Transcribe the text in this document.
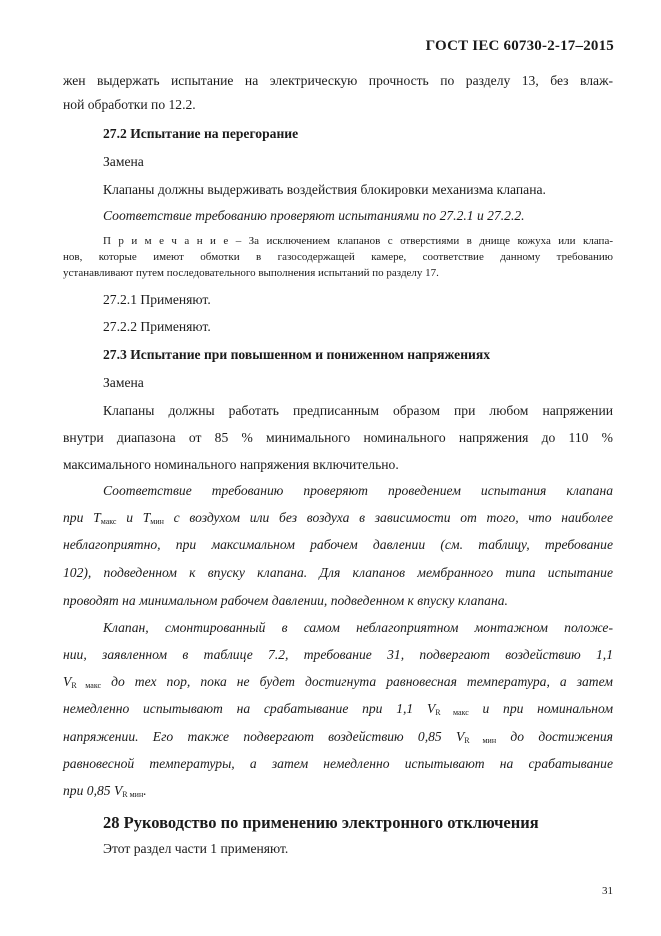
ГОСТ IEC 60730-2-17–2015
жен выдержать испытание на электрическую прочность по разделу 13, без влаж-
ной обработки по 12.2.
27.2 Испытание на перегорание
Замена
Клапаны должны выдерживать воздействия блокировки механизма клапана.
Соответствие требованию проверяют испытаниями по 27.2.1 и 27.2.2.
П р и м е ч а н и е – За исключением клапанов с отверстиями в днище кожуха или клапа-
нов, которые имеют обмотки в газосодержащей камере, соответствие данному требованию
устанавливают путем последовательного выполнения испытаний по разделу 17.
27.2.1 Применяют.
27.2.2 Применяют.
27.3 Испытание при повышенном и пониженном напряжениях
Замена
Клапаны должны работать предписанным образом при любом напряжении
внутри диапазона от 85 % минимального номинального напряжения до 110 %
максимального номинального напряжения включительно.
Соответствие требованию проверяют проведением испытания клапана
при $T_{макс}$ и $T_{мин}$ с воздухом или без воздуха в зависимости от того, что наиболее
неблагоприятно, при максимальном рабочем давлении (см. таблицу, требование
102), подведенном к впуску клапана. Для клапанов мембранного типа испытание
проводят на минимальном рабочем давлении, подведенном к впуску клапана.
Клапан, смонтированный в самом неблагоприятном монтажном положе-
нии, заявленном в таблице 7.2, требование 31, подвергают воздействию 1,1
$V_{R макс}$ до тех пор, пока не будет достигнута равновесная температура, а затем
немедленно испытывают на срабатывание при 1,1 $V_{R макс}$ и при номинальном
напряжении. Его также подвергают воздействию 0,85 $V_{R мин}$ до достижения
равновесной температуры, а затем немедленно испытывают на срабатывание
при 0,85 $V_{R мин}$.
28 Руководство по применению электронного отключения
Этот раздел части 1 применяют.
31
